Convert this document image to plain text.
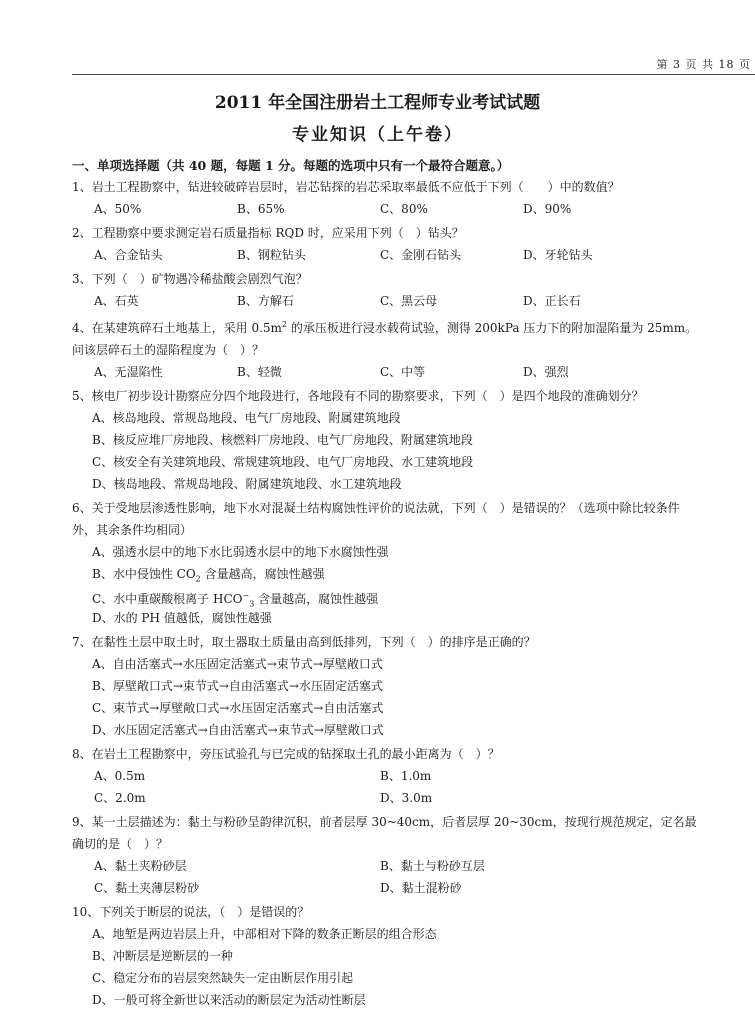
第 3 页 共 18 页
2011 年全国注册岩土工程师专业考试试题
专业知识（上午卷）
一、单项选择题（共 40 题，每题 1 分。每题的选项中只有一个最符合题意。）
1、岩土工程勘察中，钻进较破碎岩层时，岩芯钻探的岩芯采取率最低不应低于下列（　　）中的数值？
A、50%	B、65%	C、80%	D、90%
2、工程勘察中要求测定岩石质量指标 RQD 时，应采用下列（　）钻头？
A、合金钻头	B、钢粒钻头	C、金刚石钻头	D、牙轮钻头
3、下列（　）矿物遇冷稀盐酸会剧烈气泡？
A、石英	B、方解石	C、黑云母	D、正长石
4、在某建筑碎石土地基上，采用 $0.5m^2$ 的承压板进行浸水载荷试验，测得 200kPa 压力下的附加湿陷量为 25mm。问该层碎石土的湿陷程度为（　）？
A、无湿陷性	B、轻微	C、中等	D、强烈
5、核电厂初步设计勘察应分四个地段进行，各地段有不同的勘察要求，下列（　）是四个地段的准确划分？
A、核岛地段、常规岛地段、电气厂房地段、附属建筑地段
B、核反应堆厂房地段、核燃料厂房地段、电气厂房地段、附属建筑地段
C、核安全有关建筑地段、常规建筑地段、电气厂房地段、水工建筑地段
D、核岛地段、常规岛地段、附属建筑地段、水工建筑地段
6、关于受地层渗透性影响，地下水对混凝土结构腐蚀性评价的说法就，下列（　）是错误的？（选项中除比较条件外，其余条件均相同）
A、强透水层中的地下水比弱透水层中的地下水腐蚀性强
B、水中侵蚀性 $CO_2$ 含量越高，腐蚀性越强
C、水中重碳酸根离子 $HCO^-_3$ 含量越高，腐蚀性越强
D、水的 PH 值越低，腐蚀性越强
7、在黏性土层中取土时，取土器取土质量由高到低排列，下列（　）的排序是正确的？
A、自由活塞式→水压固定活塞式→束节式→厚壁敞口式
B、厚壁敞口式→束节式→自由活塞式→水压固定活塞式
C、束节式→厚壁敞口式→水压固定活塞式→自由活塞式
D、水压固定活塞式→自由活塞式→束节式→厚壁敞口式
8、在岩土工程勘察中，旁压试验孔与已完成的钻探取土孔的最小距离为（　）？
A、0.5m	B、1.0m
C、2.0m	D、3.0m
9、某一土层描述为：黏土与粉砂呈韵律沉积，前者层厚 30~40cm，后者层厚 20~30cm，按现行规范规定，定名最确切的是（　）？
A、黏土夹粉砂层	B、黏土与粉砂互层
C、黏土夹薄层粉砂	D、黏土混粉砂
10、下列关于断层的说法，（　）是错误的？
A、地堑是两边岩层上升，中部相对下降的数条正断层的组合形态
B、冲断层是逆断层的一种
C、稳定分布的岩层突然缺失一定由断层作用引起
D、一般可将全新世以来活动的断层定为活动性断层
